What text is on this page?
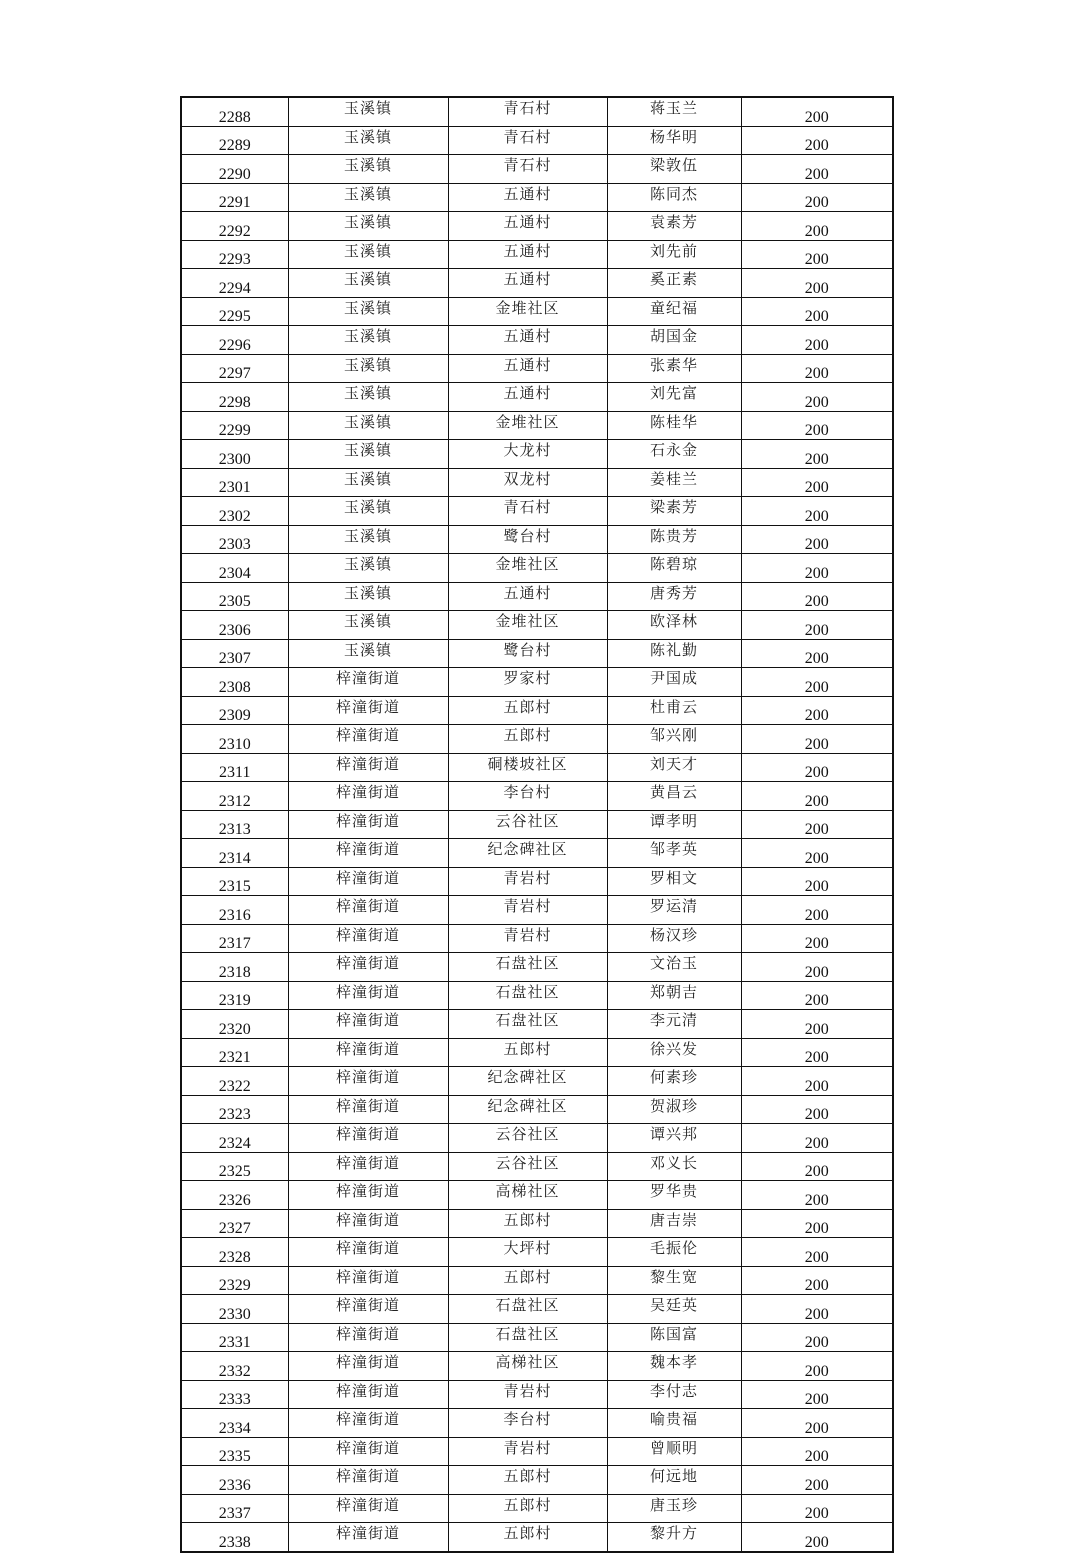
2288	玉溪镇	青石村	蒋玉兰	200
2289	玉溪镇	青石村	杨华明	200
2290	玉溪镇	青石村	梁敦伍	200
2291	玉溪镇	五通村	陈同杰	200
2292	玉溪镇	五通村	袁素芳	200
2293	玉溪镇	五通村	刘先前	200
2294	玉溪镇	五通村	奚正素	200
2295	玉溪镇	金堆社区	童纪福	200
2296	玉溪镇	五通村	胡国金	200
2297	玉溪镇	五通村	张素华	200
2298	玉溪镇	五通村	刘先富	200
2299	玉溪镇	金堆社区	陈桂华	200
2300	玉溪镇	大龙村	石永金	200
2301	玉溪镇	双龙村	姜桂兰	200
2302	玉溪镇	青石村	梁素芳	200
2303	玉溪镇	鹭台村	陈贵芳	200
2304	玉溪镇	金堆社区	陈碧琼	200
2305	玉溪镇	五通村	唐秀芳	200
2306	玉溪镇	金堆社区	欧泽林	200
2307	玉溪镇	鹭台村	陈礼勤	200
2308	梓潼街道	罗家村	尹国成	200
2309	梓潼街道	五郎村	杜甫云	200
2310	梓潼街道	五郎村	邹兴刚	200
2311	梓潼街道	硐楼坡社区	刘天才	200
2312	梓潼街道	李台村	黄昌云	200
2313	梓潼街道	云谷社区	谭孝明	200
2314	梓潼街道	纪念碑社区	邹孝英	200
2315	梓潼街道	青岩村	罗相文	200
2316	梓潼街道	青岩村	罗运清	200
2317	梓潼街道	青岩村	杨汉珍	200
2318	梓潼街道	石盘社区	文治玉	200
2319	梓潼街道	石盘社区	郑朝吉	200
2320	梓潼街道	石盘社区	李元清	200
2321	梓潼街道	五郎村	徐兴发	200
2322	梓潼街道	纪念碑社区	何素珍	200
2323	梓潼街道	纪念碑社区	贺淑珍	200
2324	梓潼街道	云谷社区	谭兴邦	200
2325	梓潼街道	云谷社区	邓义长	200
2326	梓潼街道	高梯社区	罗华贵	200
2327	梓潼街道	五郎村	唐吉崇	200
2328	梓潼街道	大坪村	毛振伦	200
2329	梓潼街道	五郎村	黎生宽	200
2330	梓潼街道	石盘社区	吴廷英	200
2331	梓潼街道	石盘社区	陈国富	200
2332	梓潼街道	高梯社区	魏本孝	200
2333	梓潼街道	青岩村	李付志	200
2334	梓潼街道	李台村	喻贵福	200
2335	梓潼街道	青岩村	曾顺明	200
2336	梓潼街道	五郎村	何远地	200
2337	梓潼街道	五郎村	唐玉珍	200
2338	梓潼街道	五郎村	黎升方	200
